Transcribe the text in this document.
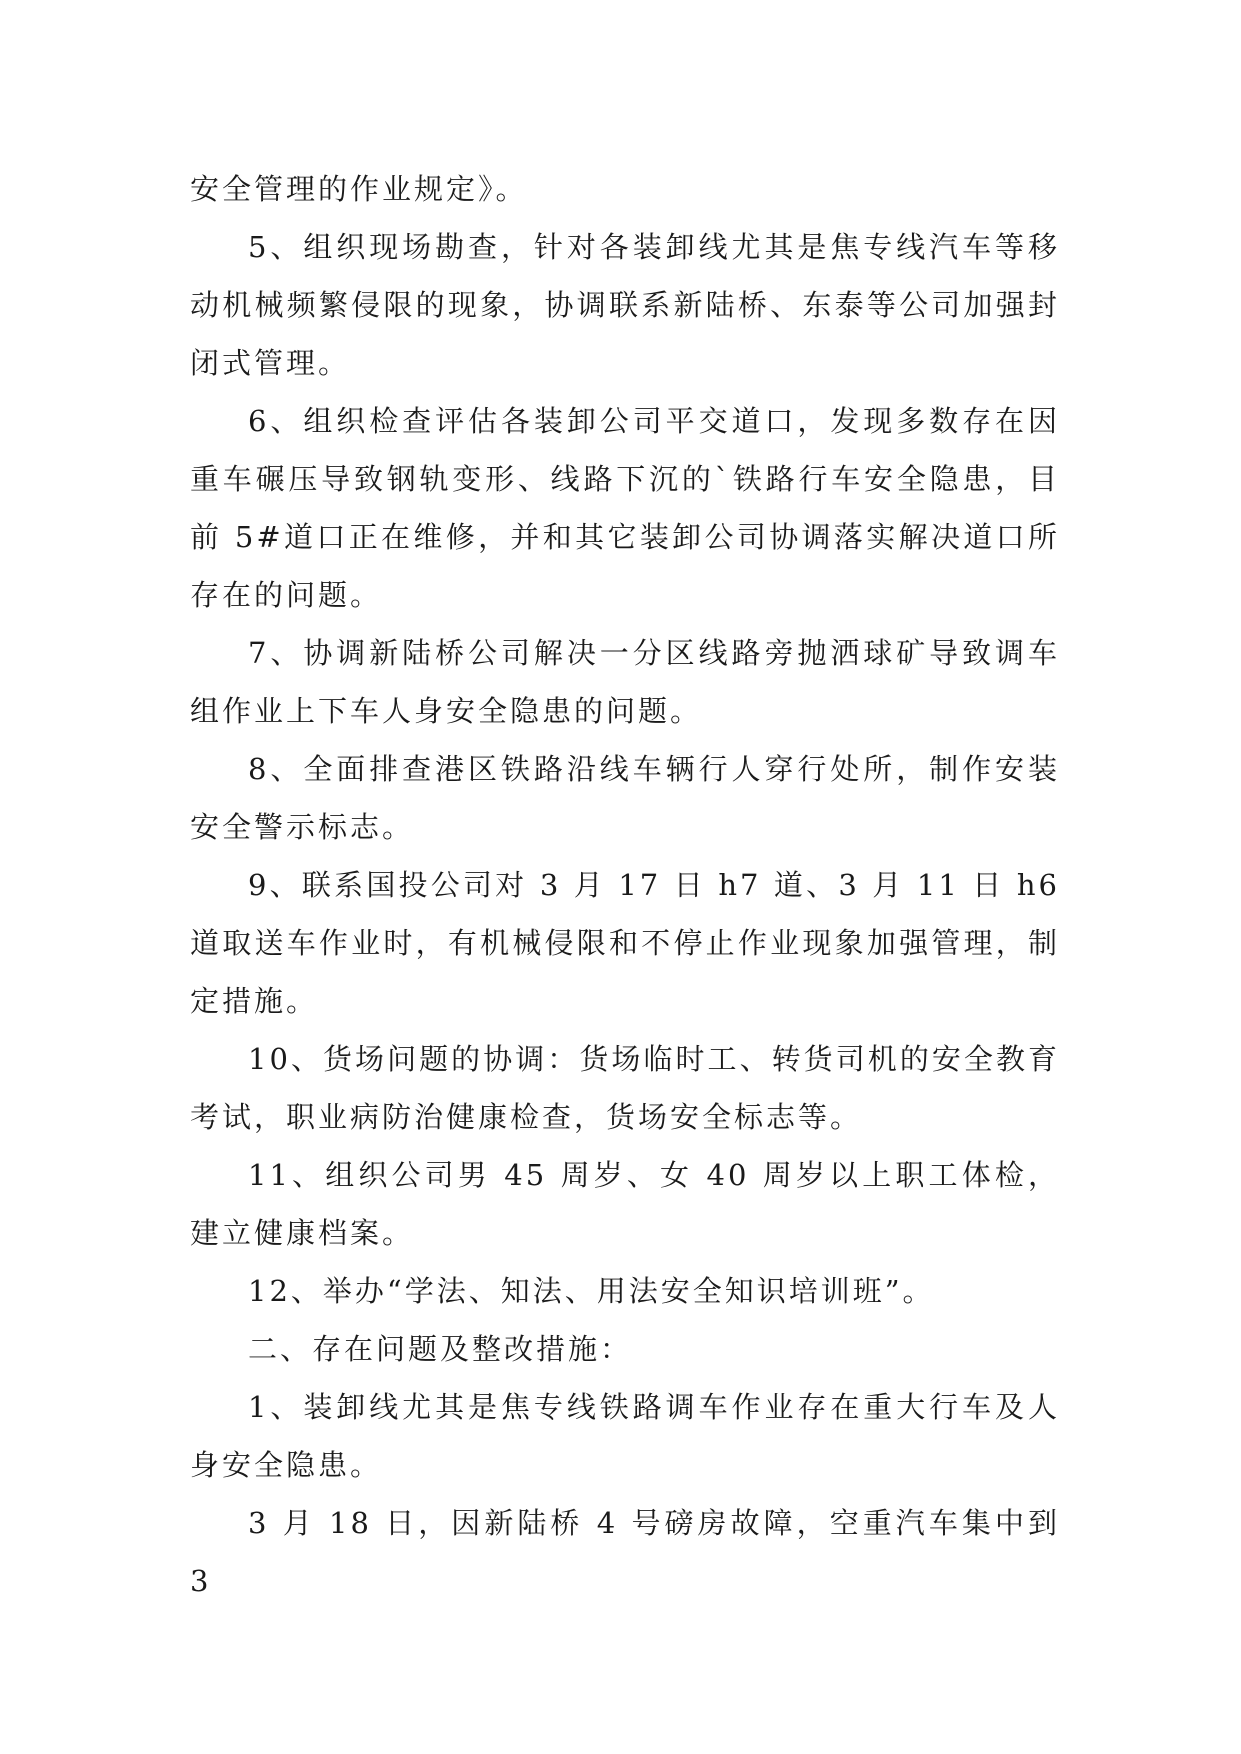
安全管理的作业规定》。

5、组织现场勘查，针对各装卸线尤其是焦专线汽车等移动机械频繁侵限的现象，协调联系新陆桥、东泰等公司加强封闭式管理。

6、组织检查评估各装卸公司平交道口，发现多数存在因重车碾压导致钢轨变形、线路下沉的`铁路行车安全隐患，目前 5#道口正在维修，并和其它装卸公司协调落实解决道口所存在的问题。

7、协调新陆桥公司解决一分区线路旁抛洒球矿导致调车组作业上下车人身安全隐患的问题。

8、全面排查港区铁路沿线车辆行人穿行处所，制作安装安全警示标志。

9、联系国投公司对 3 月 17 日 h7 道、3 月 11 日 h6 道取送车作业时，有机械侵限和不停止作业现象加强管理，制定措施。

10、货场问题的协调：货场临时工、转货司机的安全教育考试，职业病防治健康检查，货场安全标志等。

11、组织公司男 45 周岁、女 40 周岁以上职工体检，建立健康档案。

12、举办“学法、知法、用法安全知识培训班”。

二、存在问题及整改措施：

1、装卸线尤其是焦专线铁路调车作业存在重大行车及人身安全隐患。

3 月 18 日，因新陆桥 4 号磅房故障，空重汽车集中到 3
